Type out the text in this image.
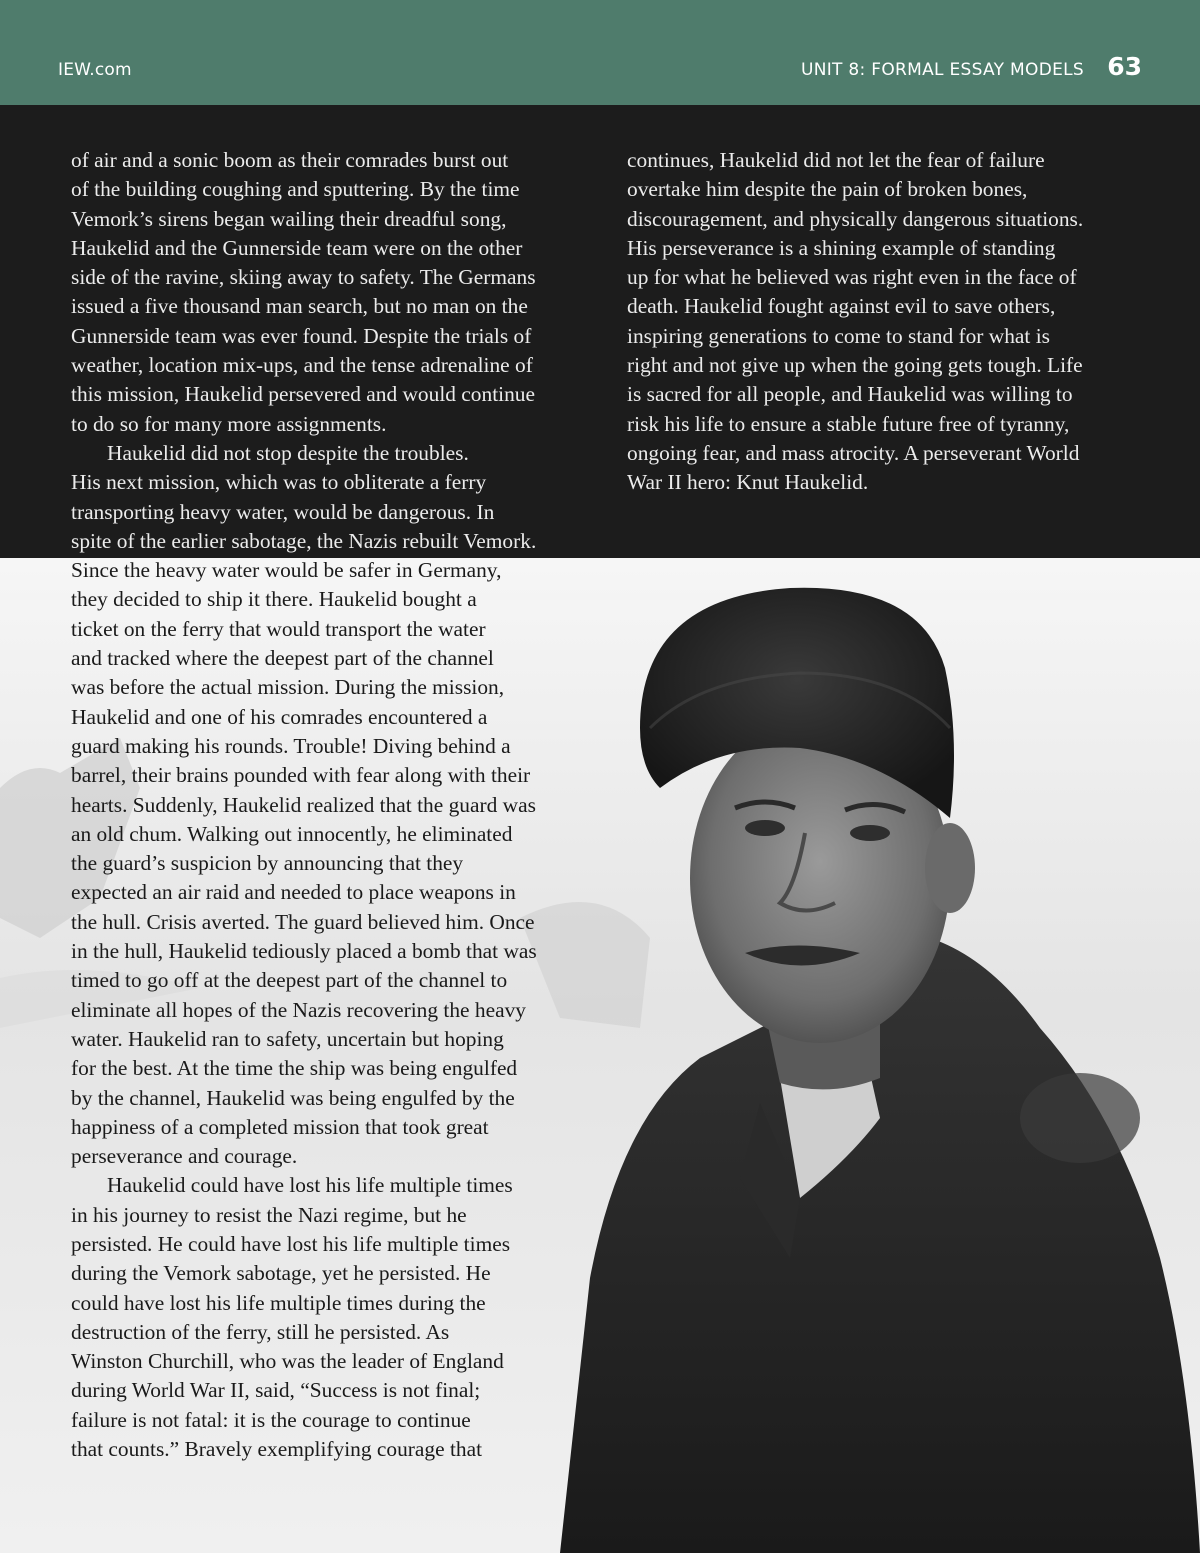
IEW.com	UNIT 8: FORMAL ESSAY MODELS 63
of air and a sonic boom as their comrades burst out
of the building coughing and sputtering. By the time
Vemork’s sirens began wailing their dreadful song,
Haukelid and the Gunnerside team were on the other
side of the ravine, skiing away to safety. The Germans
issued a five thousand man search, but no man on the
Gunnerside team was ever found. Despite the trials of
weather, location mix-ups, and the tense adrenaline of
this mission, Haukelid persevered and would continue
to do so for many more assignments.
Haukelid did not stop despite the troubles.
His next mission, which was to obliterate a ferry
transporting heavy water, would be dangerous. In
spite of the earlier sabotage, the Nazis rebuilt Vemork.
Since the heavy water would be safer in Germany,
they decided to ship it there. Haukelid bought a
ticket on the ferry that would transport the water
and tracked where the deepest part of the channel
was before the actual mission. During the mission,
Haukelid and one of his comrades encountered a
guard making his rounds. Trouble! Diving behind a
barrel, their brains pounded with fear along with their
hearts. Suddenly, Haukelid realized that the guard was
an old chum. Walking out innocently, he eliminated
the guard’s suspicion by announcing that they
expected an air raid and needed to place weapons in
the hull. Crisis averted. The guard believed him. Once
in the hull, Haukelid tediously placed a bomb that was
timed to go off at the deepest part of the channel to
eliminate all hopes of the Nazis recovering the heavy
water. Haukelid ran to safety, uncertain but hoping
for the best. At the time the ship was being engulfed
by the channel, Haukelid was being engulfed by the
happiness of a completed mission that took great
perseverance and courage.
Haukelid could have lost his life multiple times
in his journey to resist the Nazi regime, but he
persisted. He could have lost his life multiple times
during the Vemork sabotage, yet he persisted. He
could have lost his life multiple times during the
destruction of the ferry, still he persisted. As
Winston Churchill, who was the leader of England
during World War II, said, “Success is not final;
failure is not fatal: it is the courage to continue
that counts.” Bravely exemplifying courage that
continues, Haukelid did not let the fear of failure
overtake him despite the pain of broken bones,
discouragement, and physically dangerous situations.
His perseverance is a shining example of standing
up for what he believed was right even in the face of
death. Haukelid fought against evil to save others,
inspiring generations to come to stand for what is
right and not give up when the going gets tough. Life
is sacred for all people, and Haukelid was willing to
risk his life to ensure a stable future free of tyranny,
ongoing fear, and mass atrocity. A perseverant World
War II hero: Knut Haukelid.
